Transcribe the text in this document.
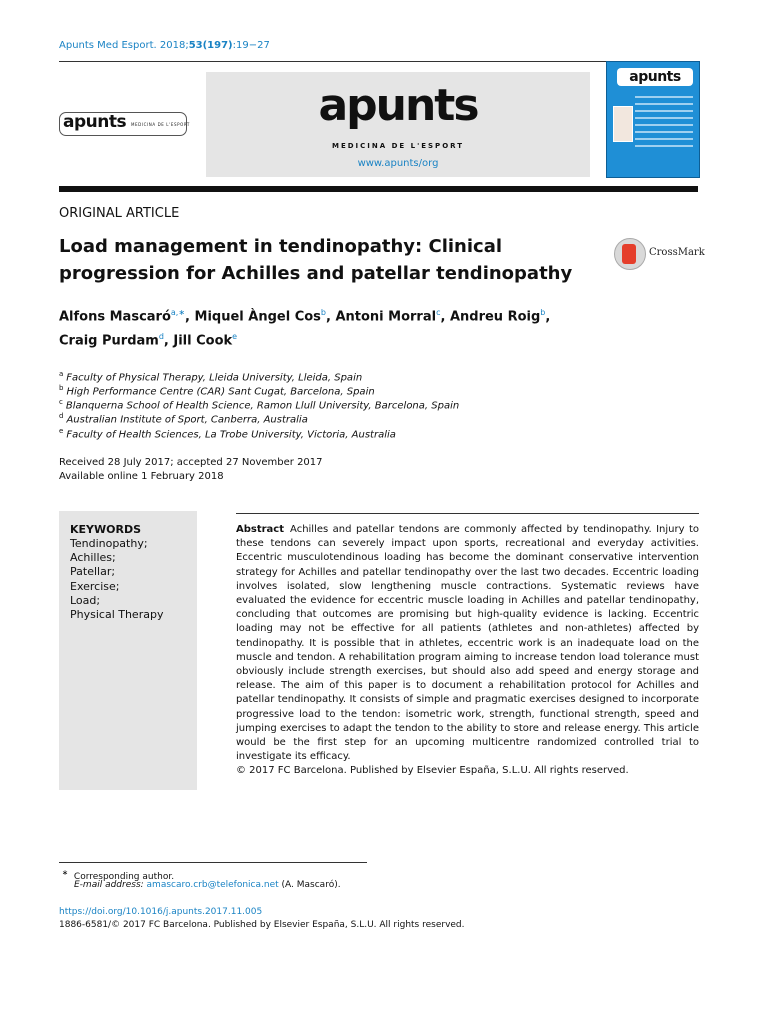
Apunts Med Esport. 2018;53(197):19−27
apunts MEDICINA DE L'ESPORT	apunts
MEDICINA DE L'ESPORT
www.apunts/org
apunts
ORIGINAL ARTICLE
Load management in tendinopathy: Clinical progression for Achilles and patellar tendinopathy
CrossMark
Alfons Mascaró$^{a,∗}$, Miquel Àngel Cos$^b$, Antoni Morral$^c$, Andreu Roig$^b$,
Craig Purdam$^d$, Jill Cook$^e$
$^a$ Faculty of Physical Therapy, Lleida University, Lleida, Spain
$^b$ High Performance Centre (CAR) Sant Cugat, Barcelona, Spain
$^c$ Blanquerna School of Health Science, Ramon Llull University, Barcelona, Spain
$^d$ Australian Institute of Sport, Canberra, Australia
$^e$ Faculty of Health Sciences, La Trobe University, Victoria, Australia
Received 28 July 2017; accepted 27 November 2017
Available online 1 February 2018
KEYWORDS
Tendinopathy;
Achilles;
Patellar;
Exercise;
Load;
Physical Therapy

Abstract Achilles and patellar tendons are commonly affected by tendinopathy. Injury to these tendons can severely impact upon sports, recreational and everyday activities. Eccentric musculotendinous loading has become the dominant conservative intervention strategy for Achilles and patellar tendinopathy over the last two decades. Eccentric loading involves isolated, slow lengthening muscle contractions. Systematic reviews have evaluated the evidence for eccentric muscle loading in Achilles and patellar tendinopathy, concluding that outcomes are promising but high-quality evidence is lacking. Eccentric loading may not be effective for all patients (athletes and non-athletes) affected by tendinopathy. It is possible that in athletes, eccentric work is an inadequate load on the muscle and tendon. A rehabilitation program aiming to increase tendon load tolerance must obviously include strength exercises, but should also add speed and energy storage and release. The aim of this paper is to document a rehabilitation protocol for Achilles and patellar tendinopathy. It consists of simple and pragmatic exercises designed to incorporate progressive load to the tendon: isometric work, strength, functional strength, speed and jumping exercises to adapt the tendon to the ability to store and release energy. This article would be the first step for an upcoming multicentre randomized controlled trial to investigate its efficacy.

© 2017 FC Barcelona. Published by Elsevier España, S.L.U. All rights reserved.

∗ Corresponding author.
E-mail address: amascaro.crb@telefonica.net (A. Mascaró).
https://doi.org/10.1016/j.apunts.2017.11.005
1886-6581/© 2017 FC Barcelona. Published by Elsevier España, S.L.U. All rights reserved.
